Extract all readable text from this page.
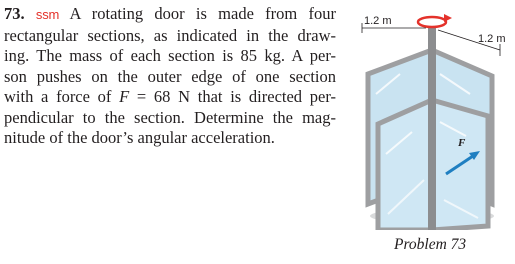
73. ssm A rotating door is made from four
rectangular sections, as indicated in the draw-
ing. The mass of each section is 85 kg. A per-
son pushes on the outer edge of one section
with a force of F = 68 N that is directed per-
pendicular to the section. Determine the mag-
nitude of the door’s angular acceleration.
1.2 m
1.2 m
F
Problem 73
